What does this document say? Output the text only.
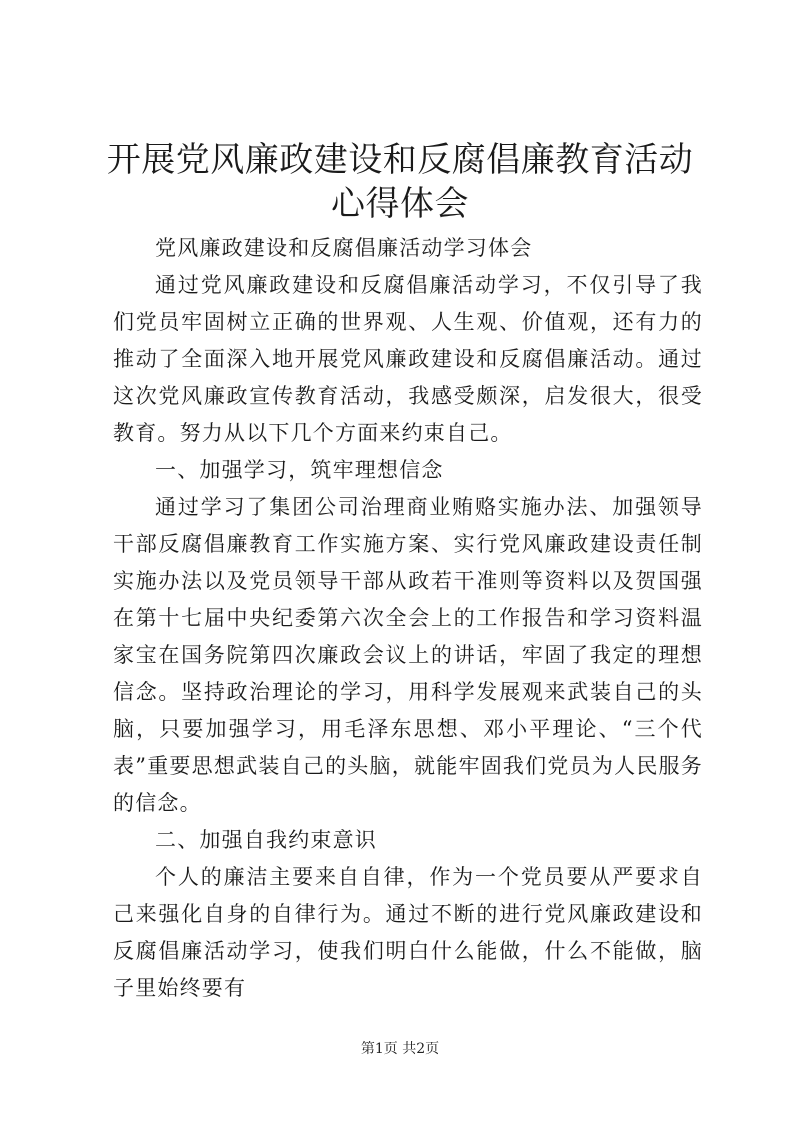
开展党风廉政建设和反腐倡廉教育活动心得体会

党风廉政建设和反腐倡廉活动学习体会

通过党风廉政建设和反腐倡廉活动学习，不仅引导了我们党员牢固树立正确的世界观、人生观、价值观，还有力的推动了全面深入地开展党风廉政建设和反腐倡廉活动。通过这次党风廉政宣传教育活动，我感受颇深，启发很大，很受教育。努力从以下几个方面来约束自己。

一、加强学习，筑牢理想信念

通过学习了集团公司治理商业贿赂实施办法、加强领导干部反腐倡廉教育工作实施方案、实行党风廉政建设责任制实施办法以及党员领导干部从政若干准则等资料以及贺国强在第十七届中央纪委第六次全会上的工作报告和学习资料温家宝在国务院第四次廉政会议上的讲话，牢固了我定的理想信念。坚持政治理论的学习，用科学发展观来武装自己的头脑，只要加强学习，用毛泽东思想、邓小平理论、“三个代表”重要思想武装自己的头脑，就能牢固我们党员为人民服务的信念。

二、加强自我约束意识

个人的廉洁主要来自自律，作为一个党员要从严要求自己来强化自身的自律行为。通过不断的进行党风廉政建设和反腐倡廉活动学习，使我们明白什么能做，什么不能做，脑子里始终要有

第1页 共2页
